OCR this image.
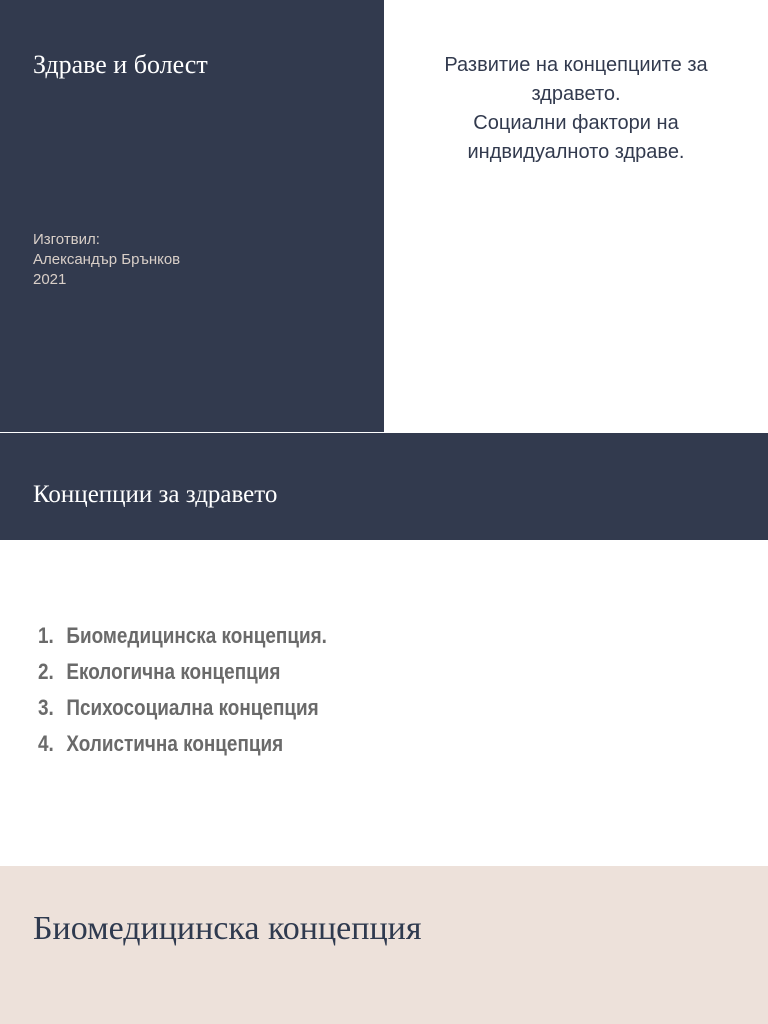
Здраве и болест
Изготвил:
Александър Брънков
2021
Развитие на концепциите за
здравето.
Социални фактори на
индвидуалното здраве.
Концепции за здравето
1. Биомедицинска концепция.
2. Екологична концепция
3. Психосоциална концепция
4. Холистична концепция
Биомедицинска концепция
